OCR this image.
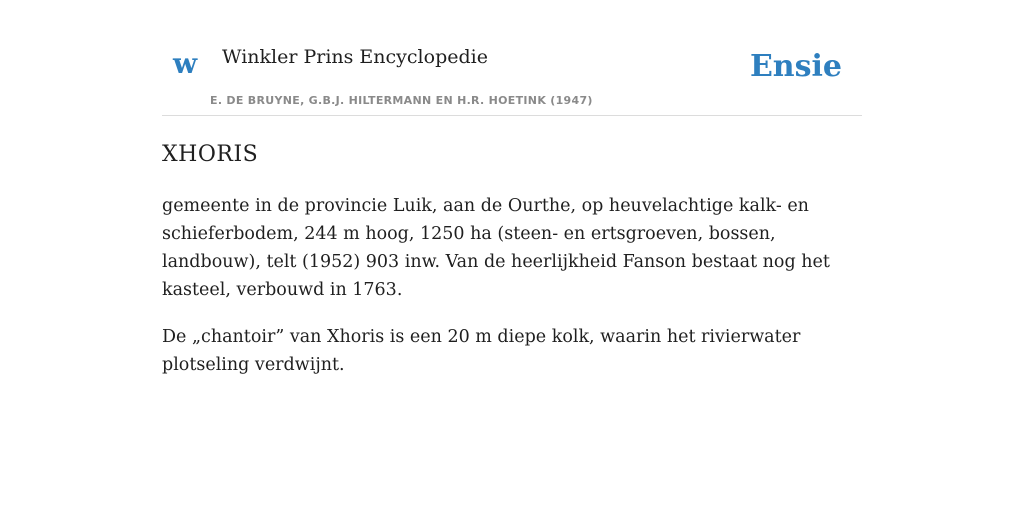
w Winkler Prins Encyclopedie
E. DE BRUYNE, G.B.J. HILTERMANN EN H.R. HOETINK (1947)
Ensie
XHORIS

gemeente in de provincie Luik, aan de Ourthe, op heuvelachtige kalk- en schieferbodem, 244 m hoog, 1250 ha (steen- en ertsgroeven, bossen, landbouw), telt (1952) 903 inw. Van de heerlijkheid Fanson bestaat nog het kasteel, verbouwd in 1763.

De „chantoir” van Xhoris is een 20 m diepe kolk, waarin het rivierwater plotseling verdwijnt.
